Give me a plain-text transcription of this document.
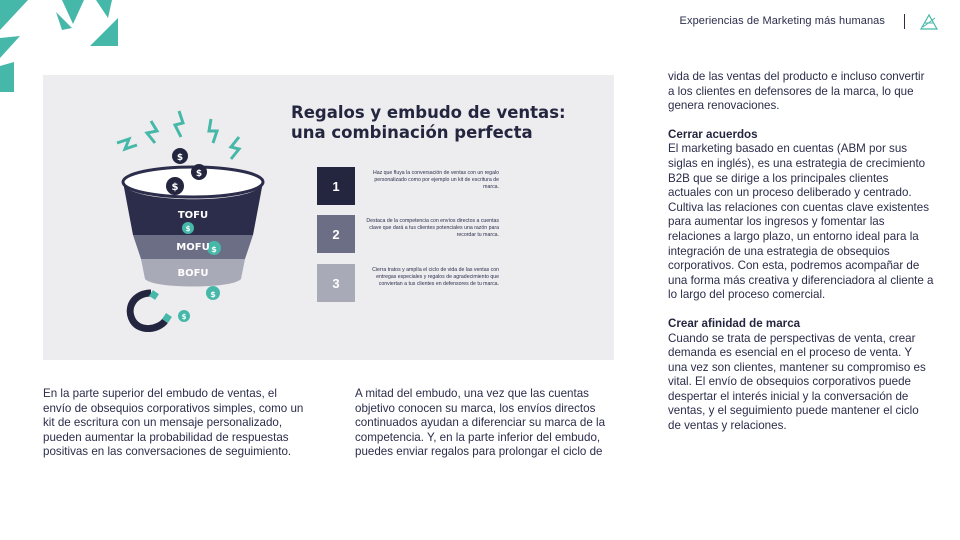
Experiencias de Marketing más humanas
Regalos y embudo de ventas:
una combinación perfecta
TOFU
MOFU
BOFU
$
$
$
$
$
$
$
1
Haz que fluya la conversación de ventas con un regalo personalizado como por ejemplo un kit de escritura de marca.
2
Destaca de la competencia con envíos directos a cuentas clave que dará a tus clientes potenciales una razón para recordar tu marca.
3
Cierra tratos y amplía el ciclo de vida de las ventas con entregas especiales y regalos de agradecimiento que conviertan a tus clientes en defensores de tu marca.

En la parte superior del embudo de ventas, el envío de obsequios corporativos simples, como un kit de escritura con un mensaje personalizado, pueden aumentar la probabilidad de respuestas positivas en las conversaciones de seguimiento.

A mitad del embudo, una vez que las cuentas objetivo conocen su marca, los envíos directos continuados ayudan a diferenciar su marca de la competencia. Y, en la parte inferior del embudo, puedes enviar regalos para prolongar el ciclo de

vida de las ventas del producto e incluso convertir a los clientes en defensores de la marca, lo que genera renovaciones.

Cerrar acuerdos

El marketing basado en cuentas (ABM por sus siglas en inglés), es una estrategia de crecimiento B2B que se dirige a los principales clientes actuales con un proceso deliberado y centrado. Cultiva las relaciones con cuentas clave existentes para aumentar los ingresos y fomentar las relaciones a largo plazo, un entorno ideal para la integración de una estrategia de obsequios corporativos. Con esta, podremos acompañar de una forma más creativa y diferenciadora al cliente a lo largo del proceso comercial.

Crear afinidad de marca

Cuando se trata de perspectivas de venta, crear demanda es esencial en el proceso de venta. Y una vez son clientes, mantener su compromiso es vital. El envío de obsequios corporativos puede despertar el interés inicial y la conversación de ventas, y el seguimiento puede mantener el ciclo de ventas y relaciones.
